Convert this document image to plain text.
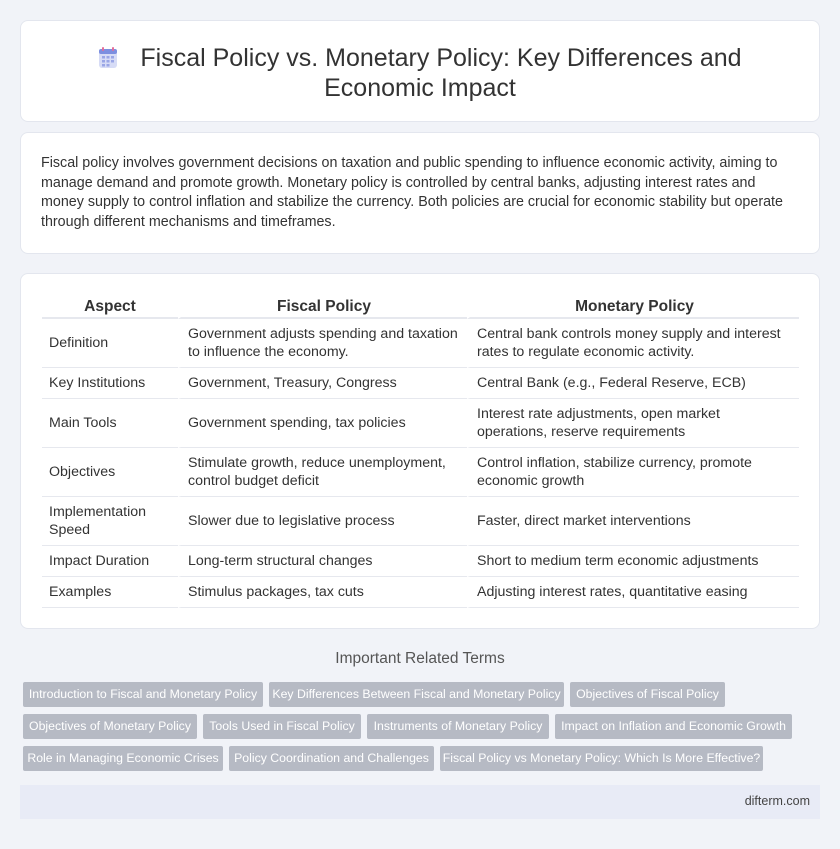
Fiscal Policy vs. Monetary Policy: Key Differences and Economic Impact

Fiscal policy involves government decisions on taxation and public spending to influence economic activity, aiming to manage demand and promote growth. Monetary policy is controlled by central banks, adjusting interest rates and money supply to control inflation and stabilize the currency. Both policies are crucial for economic stability but operate through different mechanisms and timeframes.

Aspect	Fiscal Policy	Monetary Policy
Definition	Government adjusts spending and taxation to influence the economy.	Central bank controls money supply and interest rates to regulate economic activity.
Key Institutions	Government, Treasury, Congress	Central Bank (e.g., Federal Reserve, ECB)
Main Tools	Government spending, tax policies	Interest rate adjustments, open market operations, reserve requirements
Objectives	Stimulate growth, reduce unemployment, control budget deficit	Control inflation, stabilize currency, promote economic growth
Implementation Speed	Slower due to legislative process	Faster, direct market interventions
Impact Duration	Long-term structural changes	Short to medium term economic adjustments
Examples	Stimulus packages, tax cuts	Adjusting interest rates, quantitative easing
Important Related Terms
Introduction to Fiscal and Monetary Policy	Key Differences Between Fiscal and Monetary Policy	Objectives of Fiscal Policy
Objectives of Monetary Policy	Tools Used in Fiscal Policy	Instruments of Monetary Policy	Impact on Inflation and Economic Growth
Role in Managing Economic Crises	Policy Coordination and Challenges	Fiscal Policy vs Monetary Policy: Which Is More Effective?
difterm.com
